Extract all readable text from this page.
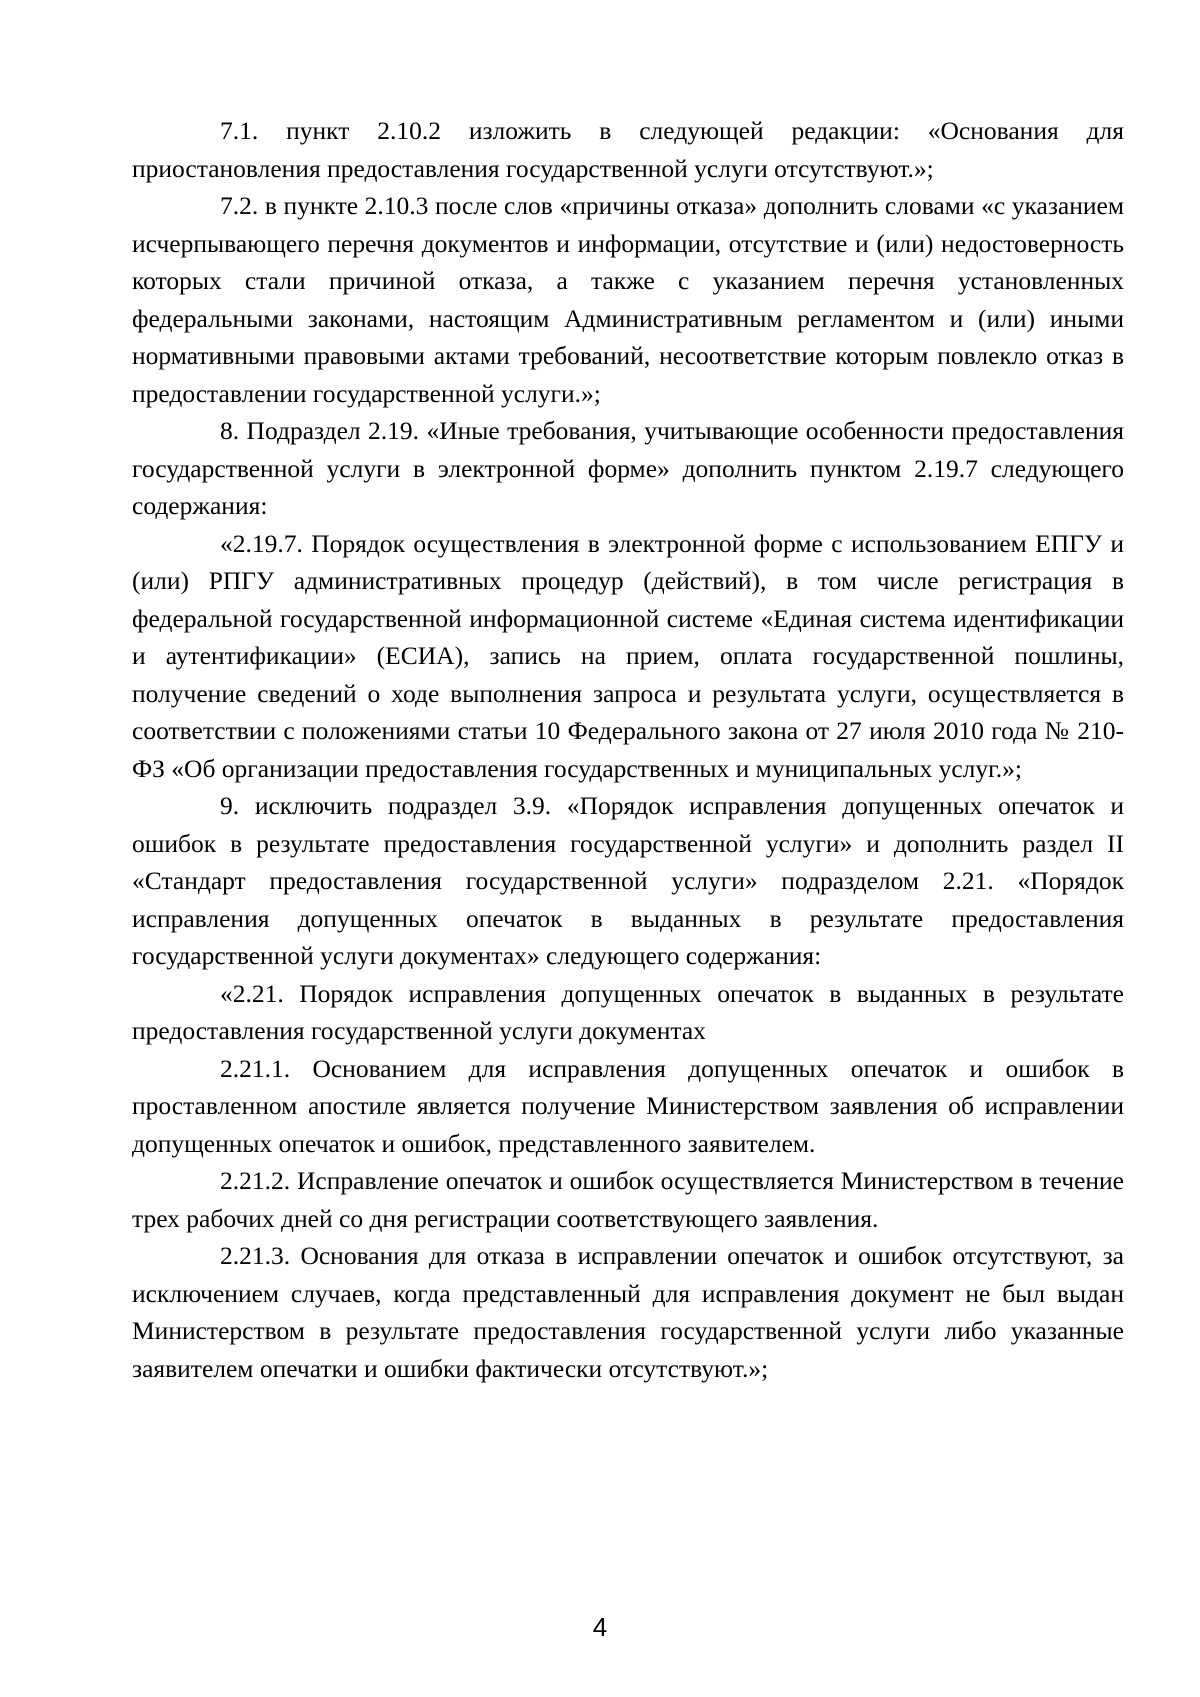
7.1. пункт 2.10.2 изложить в следующей редакции: «Основания для приостановления предоставления государственной услуги отсутствуют.»;

7.2. в пункте 2.10.3 после слов «причины отказа» дополнить словами «с указанием исчерпывающего перечня документов и информации, отсутствие и (или) недостоверность которых стали причиной отказа, а также с указанием перечня установленных федеральными законами, настоящим Административным регламентом и (или) иными нормативными правовыми актами требований, несоответствие которым повлекло отказ в предоставлении государственной услуги.»;

8. Подраздел 2.19. «Иные требования, учитывающие особенности предоставления государственной услуги в электронной форме» дополнить пунктом 2.19.7 следующего содержания:

«2.19.7. Порядок осуществления в электронной форме с использованием ЕПГУ и (или) РПГУ административных процедур (действий), в том числе регистрация в федеральной государственной информационной системе «Единая система идентификации и аутентификации» (ЕСИА), запись на прием, оплата государственной пошлины, получение сведений о ходе выполнения запроса и результата услуги, осуществляется в соответствии с положениями статьи 10 Федерального закона от 27 июля 2010 года № 210-ФЗ «Об организации предоставления государственных и муниципальных услуг.»;

9. исключить подраздел 3.9. «Порядок исправления допущенных опечаток и ошибок в результате предоставления государственной услуги» и дополнить раздел II «Стандарт предоставления государственной услуги» подразделом 2.21. «Порядок исправления допущенных опечаток в выданных в результате предоставления государственной услуги документах» следующего содержания:

«2.21. Порядок исправления допущенных опечаток в выданных в результате предоставления государственной услуги документах

2.21.1. Основанием для исправления допущенных опечаток и ошибок в проставленном апостиле является получение Министерством заявления об исправлении допущенных опечаток и ошибок, представленного заявителем.

2.21.2. Исправление опечаток и ошибок осуществляется Министерством в течение трех рабочих дней со дня регистрации соответствующего заявления.

2.21.3. Основания для отказа в исправлении опечаток и ошибок отсутствуют, за исключением случаев, когда представленный для исправления документ не был выдан Министерством в результате предоставления государственной услуги либо указанные заявителем опечатки и ошибки фактически отсутствуют.»;

4
